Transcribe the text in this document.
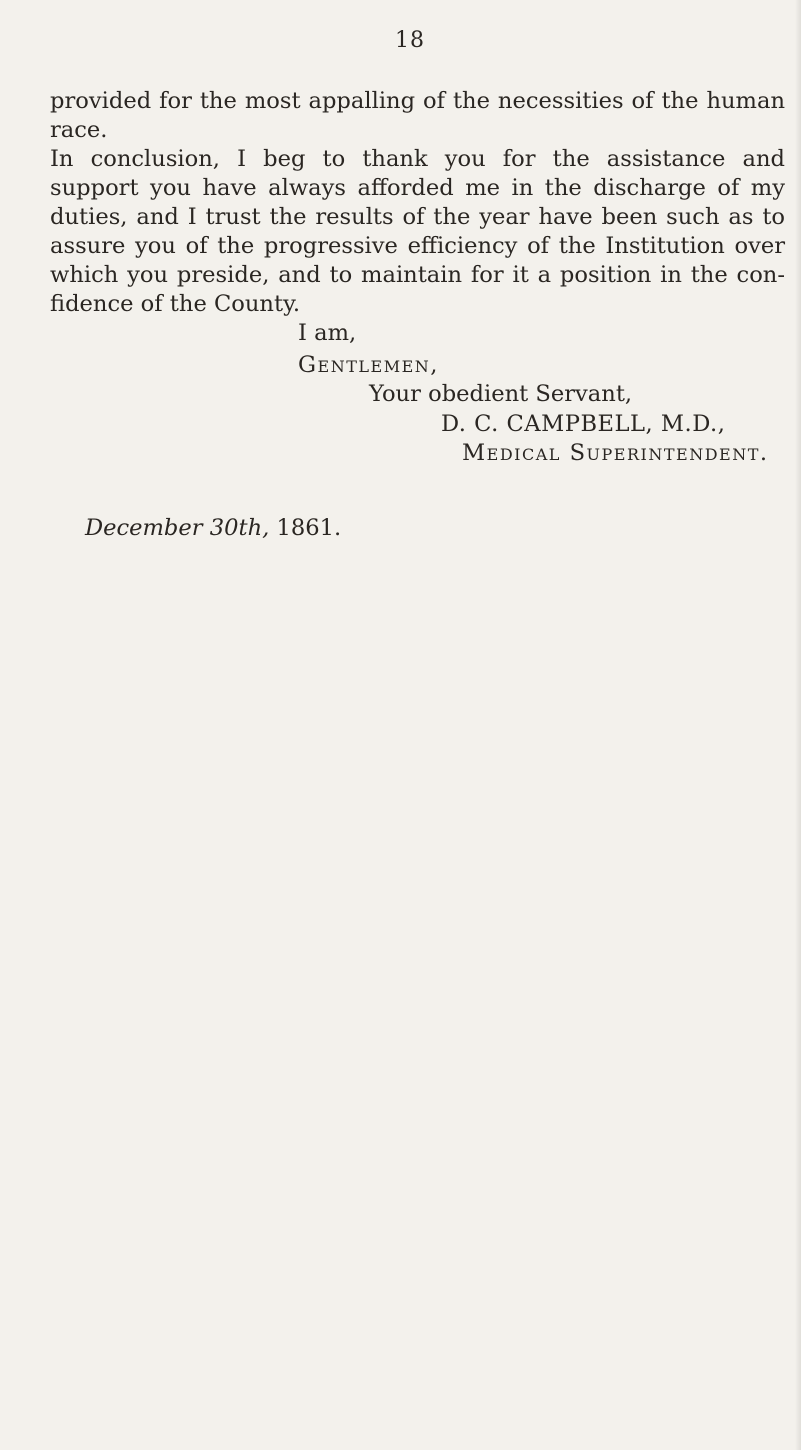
18
provided for the most appalling of the necessities of the human
race.
In conclusion, I beg to thank you for the assistance and
support you have always afforded me in the discharge of my
duties, and I trust the results of the year have been such as to
assure you of the progressive efficiency of the Institution over
which you preside, and to maintain for it a position in the con-
fidence of the County.
I am,
Gentlemen,
Your obedient Servant,
D. C. CAMPBELL, M.D.,
Medical Superintendent.
December 30th, 1861.
